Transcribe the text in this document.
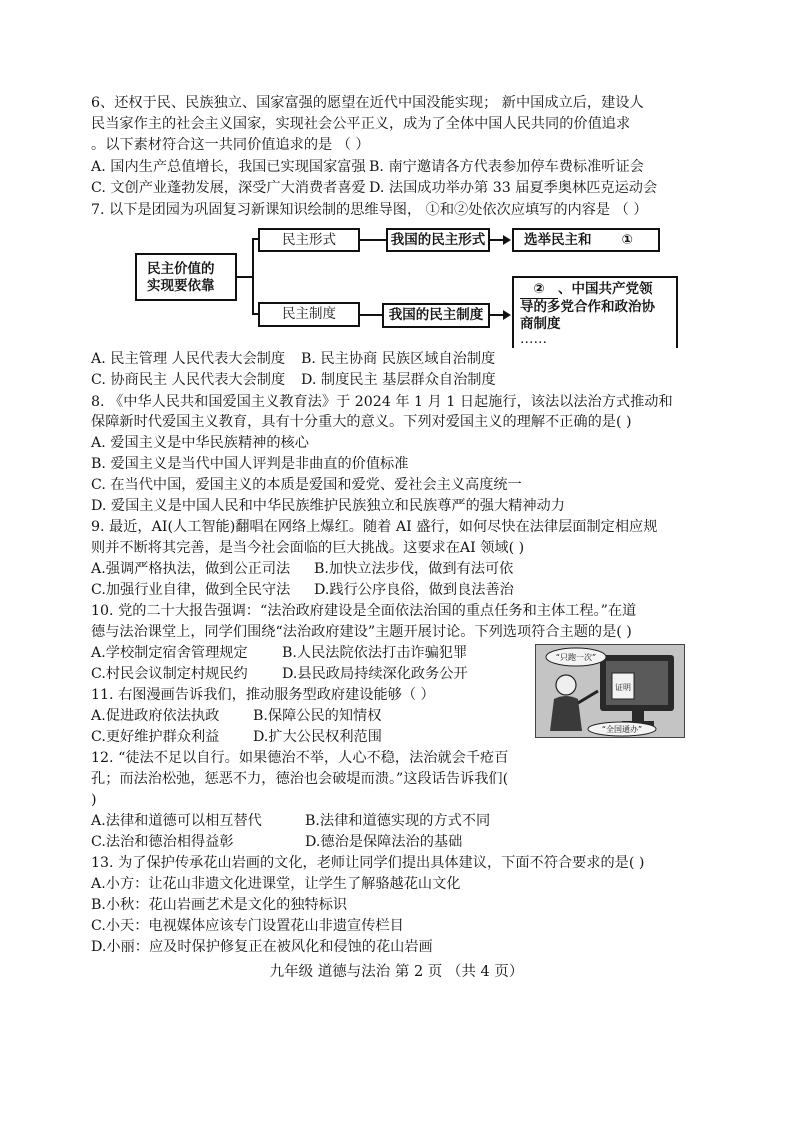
6、还权于民、民族独立、国家富强的愿望在近代中国没能实现； 新中国成立后，建设人
民当家作主的社会主义国家，实现社会公平正义，成为了全体中国人民共同的价值追求
。以下素材符合这一共同价值追求的是 （ ）
A. 国内生产总值增长，我国已实现国家富强 B. 南宁邀请各方代表参加停车费标准听证会
C. 文创产业蓬勃发展，深受广大消费者喜爱 D. 法国成功举办第 33 届夏季奥林匹克运动会
7. 以下是团园为巩固复习新课知识绘制的思维导图， ①和②处依次应填写的内容是 （ ）
民主价值的
实现要依靠
民主形式	我国的民主形式	选举民主和 ①
民主制度	我国的民主制度
② 、中国共产党领
导的多党合作和政治协
商制度
……
A. 民主管理 人民代表大会制度 B. 民主协商 民族区域自治制度
C. 协商民主 人民代表大会制度 D. 制度民主 基层群众自治制度
8. 《中华人民共和国爱国主义教育法》于 2024 年 1 月 1 日起施行，该法以法治方式推动和
保障新时代爱国主义教育，具有十分重大的意义。下列对爱国主义的理解不正确的是( )
A. 爱国主义是中华民族精神的核心
B. 爱国主义是当代中国人评判是非曲直的价值标准
C. 在当代中国，爱国主义的本质是爱国和爱党、爱社会主义高度统一
D. 爱国主义是中国人民和中华民族维护民族独立和民族尊严的强大精神动力
9. 最近，AI(人工智能)翻唱在网络上爆红。随着 AI 盛行，如何尽快在法律层面制定相应规
则并不断将其完善，是当今社会面临的巨大挑战。这要求在AI 领域( )
A.强调严格执法，做到公正司法 B.加快立法步伐，做到有法可依
C.加强行业自律，做到全民守法 D.践行公序良俗，做到良法善治
10. 党的二十大报告强调：“法治政府建设是全面依法治国的重点任务和主体工程。”在道
德与法治课堂上，同学们围绕“法治政府建设”主题开展讨论。下列选项符合主题的是( )
A.学校制定宿舍管理规定 B.人民法院依法打击诈骗犯罪
C.村民会议制定村规民约 D.县民政局持续深化政务公开
11. 右图漫画告诉我们，推动服务型政府建设能够（ ）
A.促进政府依法执政 B.保障公民的知情权
C.更好维护群众利益 D.扩大公民权利范围
“只跑一次”
证明
“全国通办”
12. “徒法不足以自行。如果德治不举，人心不稳，法治就会千疮百
孔；而法治松弛，惩恶不力，德治也会破堤而溃。”这段话告诉我们(
)
A.法律和道德可以相互替代	B.法律和道德实现的方式不同
C.法治和德治相得益彰	D.德治是保障法治的基础
13. 为了保护传承花山岩画的文化，老师让同学们提出具体建议，下面不符合要求的是( )
A.小方：让花山非遗文化进课堂，让学生了解骆越花山文化
B.小秋：花山岩画艺术是文化的独特标识
C.小天：电视媒体应该专门设置花山非遗宣传栏目
D.小丽：应及时保护修复正在被风化和侵蚀的花山岩画
九年级 道德与法治 第 2 页 （共 4 页）
